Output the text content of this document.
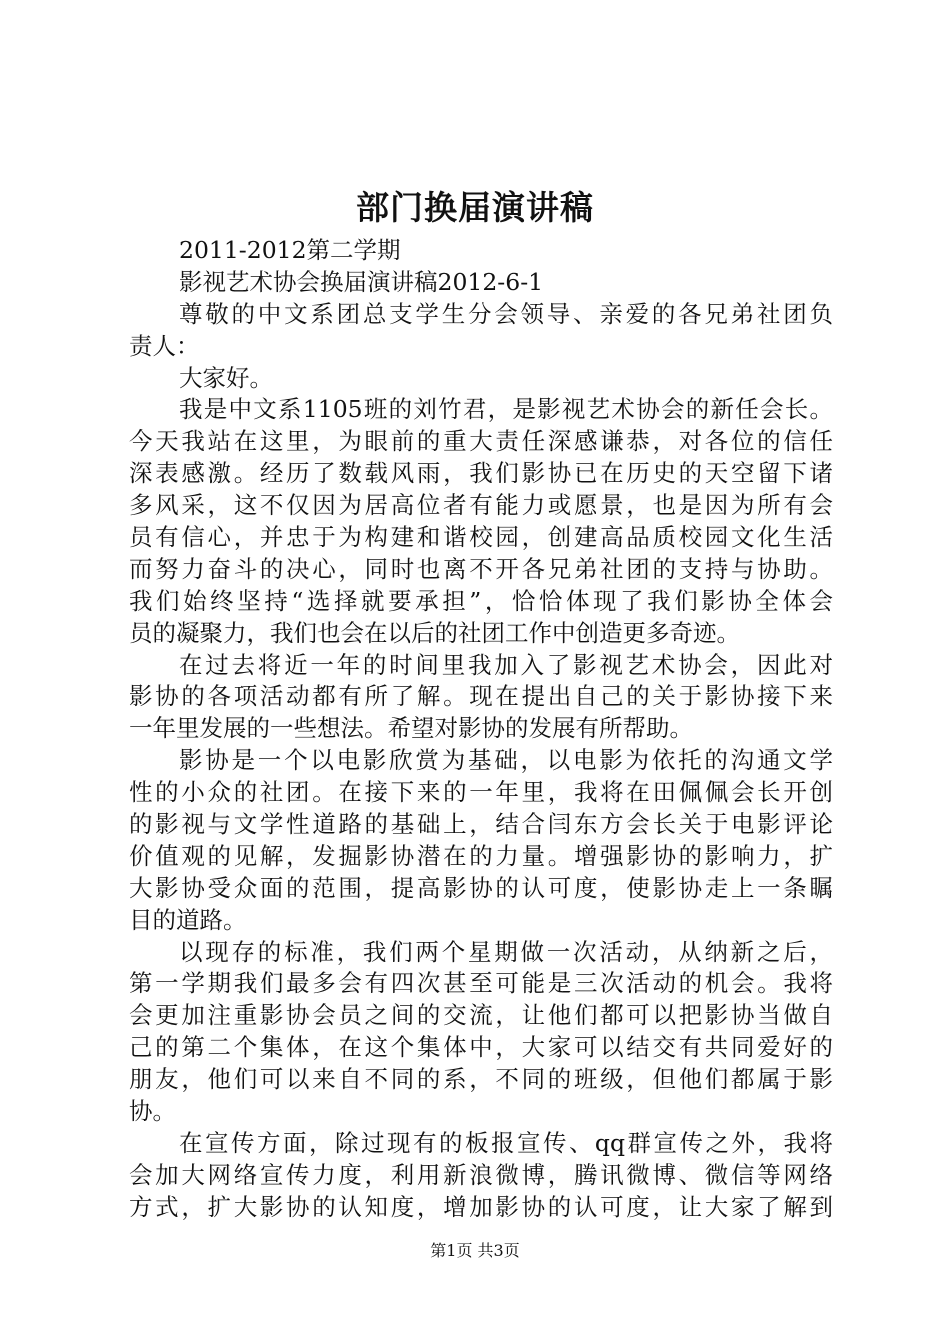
部门换届演讲稿
2011-2012第二学期
影视艺术协会换届演讲稿2012-6-1
尊敬的中文系团总支学生分会领导、亲爱的各兄弟社团负
责人：
大家好。
我是中文系1105班的刘竹君，是影视艺术协会的新任会长。
今天我站在这里，为眼前的重大责任深感谦恭，对各位的信任
深表感激。经历了数载风雨，我们影协已在历史的天空留下诸
多风采，这不仅因为居高位者有能力或愿景，也是因为所有会
员有信心，并忠于为构建和谐校园，创建高品质校园文化生活
而努力奋斗的决心，同时也离不开各兄弟社团的支持与协助。
我们始终坚持“选择就要承担”，恰恰体现了我们影协全体会
员的凝聚力，我们也会在以后的社团工作中创造更多奇迹。
在过去将近一年的时间里我加入了影视艺术协会，因此对
影协的各项活动都有所了解。现在提出自己的关于影协接下来
一年里发展的一些想法。希望对影协的发展有所帮助。
影协是一个以电影欣赏为基础，以电影为依托的沟通文学
性的小众的社团。在接下来的一年里，我将在田佩佩会长开创
的影视与文学性道路的基础上，结合闫东方会长关于电影评论
价值观的见解，发掘影协潜在的力量。增强影协的影响力，扩
大影协受众面的范围，提高影协的认可度，使影协走上一条瞩
目的道路。
以现存的标准，我们两个星期做一次活动，从纳新之后，
第一学期我们最多会有四次甚至可能是三次活动的机会。我将
会更加注重影协会员之间的交流，让他们都可以把影协当做自
己的第二个集体，在这个集体中，大家可以结交有共同爱好的
朋友，他们可以来自不同的系，不同的班级，但他们都属于影
协。
在宣传方面，除过现有的板报宣传、qq群宣传之外，我将
会加大网络宣传力度，利用新浪微博，腾讯微博、微信等网络
方式，扩大影协的认知度，增加影协的认可度，让大家了解到
第1页 共3页
